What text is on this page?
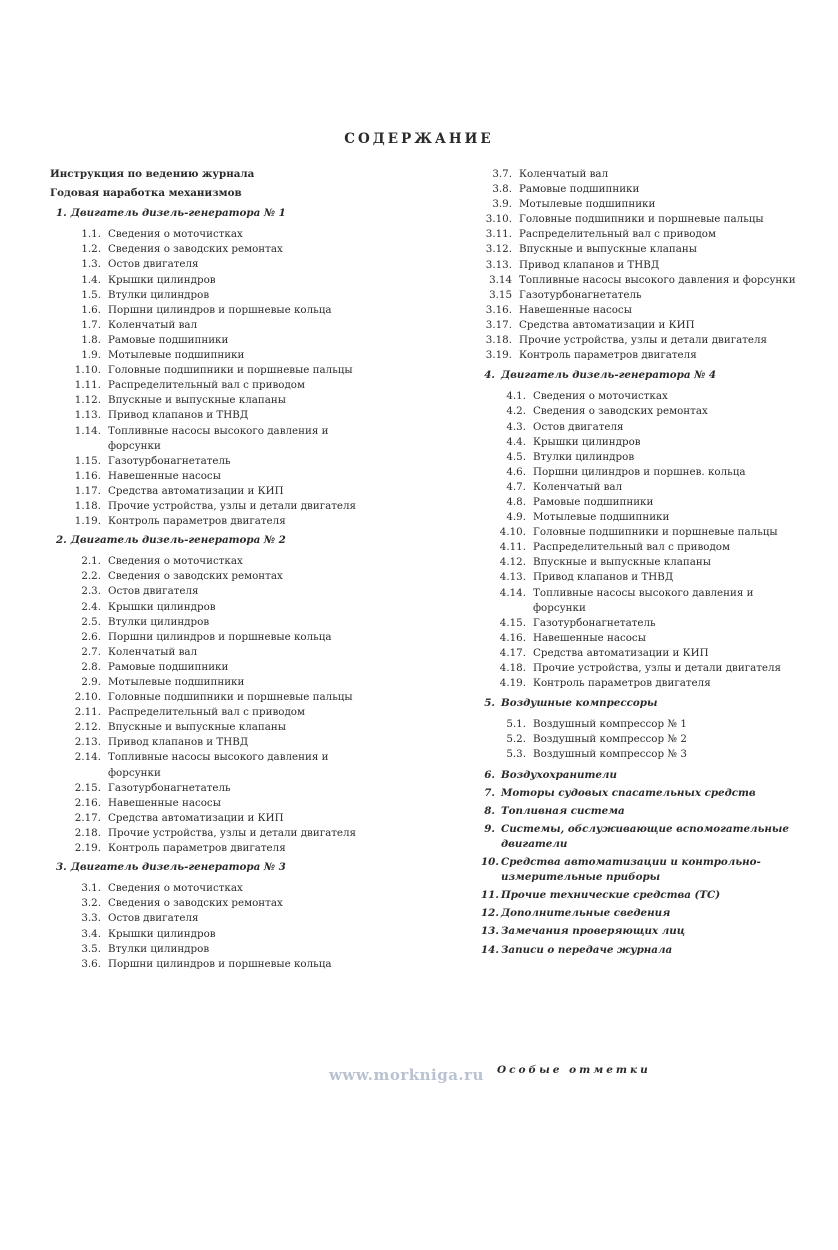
СОДЕРЖАНИЕ
Инструкция по ведению журнала
Годовая наработка механизмов
1. Двигатель дизель-генератора № 1
1.1. Сведения о моточистках
1.2. Сведения о заводских ремонтах
1.3. Остов двигателя
1.4. Крышки цилиндров
1.5. Втулки цилиндров
1.6. Поршни цилиндров и поршневые кольца
1.7. Коленчатый вал
1.8. Рамовые подшипники
1.9. Мотылевые подшипники
1.10. Головные подшипники и поршневые пальцы
1.11. Распределительный вал с приводом
1.12. Впускные и выпускные клапаны
1.13. Привод клапанов и ТНВД
1.14. Топливные насосы высокого давления и форсунки
1.15. Газотурбонагнетатель
1.16. Навешенные насосы
1.17. Средства автоматизации и КИП
1.18. Прочие устройства, узлы и детали двигателя
1.19. Контроль параметров двигателя
2. Двигатель дизель-генератора № 2
2.1. Сведения о моточистках
2.2. Сведения о заводских ремонтах
2.3. Остов двигателя
2.4. Крышки цилиндров
2.5. Втулки цилиндров
2.6. Поршни цилиндров и поршневые кольца
2.7. Коленчатый вал
2.8. Рамовые подшипники
2.9. Мотылевые подшипники
2.10. Головные подшипники и поршневые пальцы
2.11. Распределительный вал с приводом
2.12. Впускные и выпускные клапаны
2.13. Привод клапанов и ТНВД
2.14. Топливные насосы высокого давления и форсунки
2.15. Газотурбонагнетатель
2.16. Навешенные насосы
2.17. Средства автоматизации и КИП
2.18. Прочие устройства, узлы и детали двигателя
2.19. Контроль параметров двигателя
3. Двигатель дизель-генератора № 3
3.1. Сведения о моточистках
3.2. Сведения о заводских ремонтах
3.3. Остов двигателя
3.4. Крышки цилиндров
3.5. Втулки цилиндров
3.6. Поршни цилиндров и поршневые кольца
3.7. Коленчатый вал
3.8. Рамовые подшипники
3.9. Мотылевые подшипники
3.10. Головные подшипники и поршневые пальцы
3.11. Распределительный вал с приводом
3.12. Впускные и выпускные клапаны
3.13. Привод клапанов и ТНВД
3.14 Топливные насосы высокого давления и форсунки
3.15 Газотурбонагнетатель
3.16. Навешенные насосы
3.17. Средства автоматизации и КИП
3.18. Прочие устройства, узлы и детали двигателя
3.19. Контроль параметров двигателя
4. Двигатель дизель-генератора № 4
4.1. Сведения о моточистках
4.2. Сведения о заводских ремонтах
4.3. Остов двигателя
4.4. Крышки цилиндров
4.5. Втулки цилиндров
4.6. Поршни цилиндров и поршнев. кольца
4.7. Коленчатый вал
4.8. Рамовые подшипники
4.9. Мотылевые подшипники
4.10. Головные подшипники и поршневые пальцы
4.11. Распределительный вал с приводом
4.12. Впускные и выпускные клапаны
4.13. Привод клапанов и ТНВД
4.14. Топливные насосы высокого давления и форсунки
4.15. Газотурбонагнетатель
4.16. Навешенные насосы
4.17. Средства автоматизации и КИП
4.18. Прочие устройства, узлы и детали двигателя
4.19. Контроль параметров двигателя
5. Воздушные компрессоры
5.1. Воздушный компрессор № 1
5.2. Воздушный компрессор № 2
5.3. Воздушный компрессор № 3
6. Воздухохранители
7. Моторы судовых спасательных средств
8. Топливная система
9. Системы, обслуживающие вспомогательные двигатели
10. Средства автоматизации и контрольно-измерительные приборы
11. Прочие технические средства (ТС)
12. Дополнительные сведения
13. Замечания проверяющих лиц
14. Записи о передаче журнала
www.morkniga.ru Особые отметки
